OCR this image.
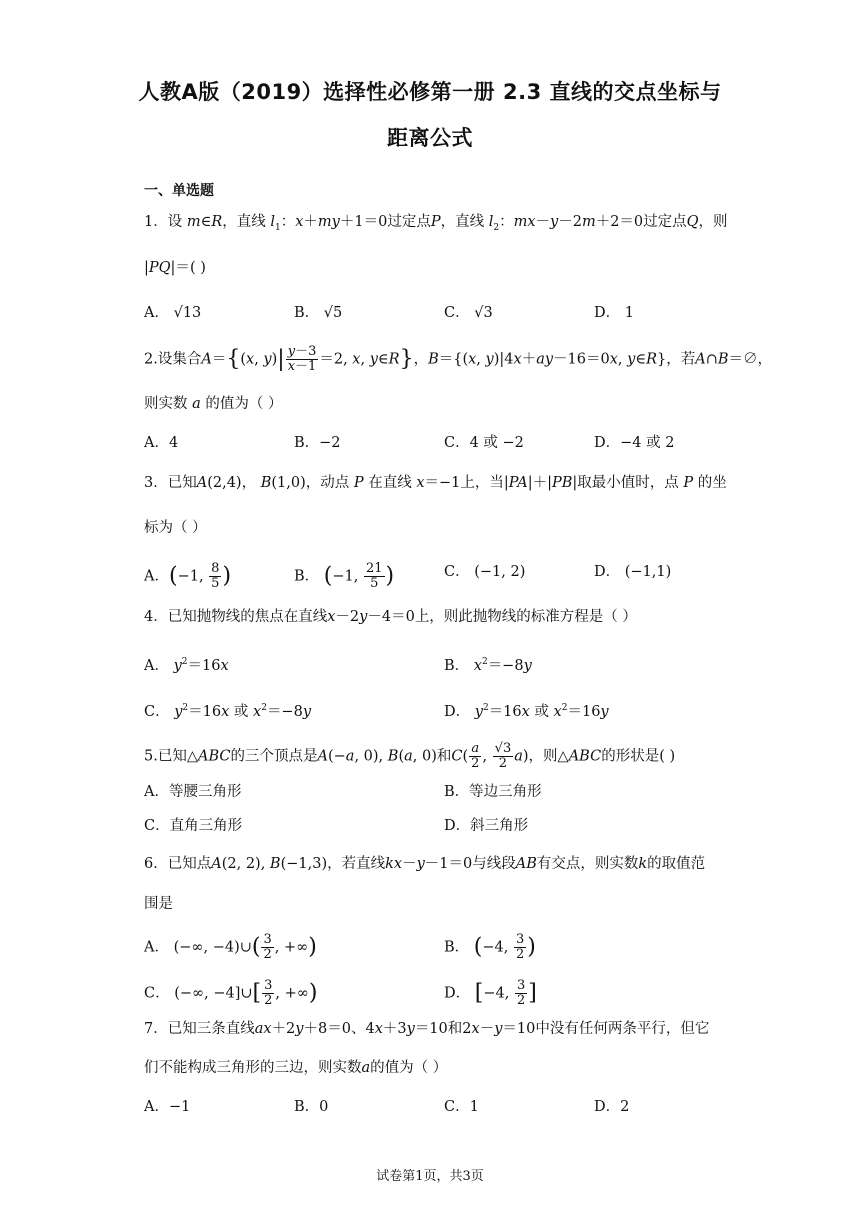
人教A版（2019）选择性必修第一册 2.3 直线的交点坐标与
距离公式
一、单选题
1．设 m∈R，直线 $l_1$：x＋my＋1＝0过定点P，直线 $l_2$：mx－y－2m＋2＝0过定点Q，则
|PQ|＝( )
A． √13	B． √5	C． √3	D． 1
2.设集合A＝{(x, $y)| \frac{y-3}{x-1} =2$, x, y∈R}，B＝{(x, y)|4x＋ay－16＝0x, y∈R}，若A∩B＝∅，
则实数 a 的值为（ ）
A．4	B．−2	C．4 或 −2	D．−4 或 2
3．已知A(2,4)， B(1,0)，动点 P 在直线 x＝−1上，当|PA|＋|PB|取最小值时，点 P 的坐
标为（ ）
A．(−1, $\frac{8}{5}$ )	B． (−1, $\frac{21}{5}$ )	C． (−1, 2)	D． (−1,1)
4．已知抛物线的焦点在直线x－2y－4＝0上，则此抛物线的标准方程是（ ）
A． $y^2=16x$	B． $x^2=-8y$
C． $y^2=16x$ 或 $x^2=-8y$	D． $y^2=16x$ 或 $x^2=16y$
5.已知△ABC的三个顶点是A(−a, 0), B(a, 0)和$C( \frac{a}{2}$ , $\frac{√3}{2} a$)，则△ABC的形状是( )
A．等腰三角形	B．等边三角形
C．直角三角形	D．斜三角形
6．已知点A(2, 2), B(−1,3)，若直线kx－y－1＝0与线段AB有交点，则实数k的取值范
围是
A． (−∞, −4)∪( $\frac{3}{2}$ , +∞)	B． (−4, $\frac{3}{2}$ )
C． (−∞, −4]∪[ $\frac{3}{2}$ , +∞)	D． [−4, $\frac{3}{2}$ ]
7．已知三条直线ax＋2y＋8＝0、4x＋3y＝10和2x－y＝10中没有任何两条平行，但它
们不能构成三角形的三边，则实数a的值为（ ）
A．−1	B．0	C．1	D．2
试卷第1页，共3页
